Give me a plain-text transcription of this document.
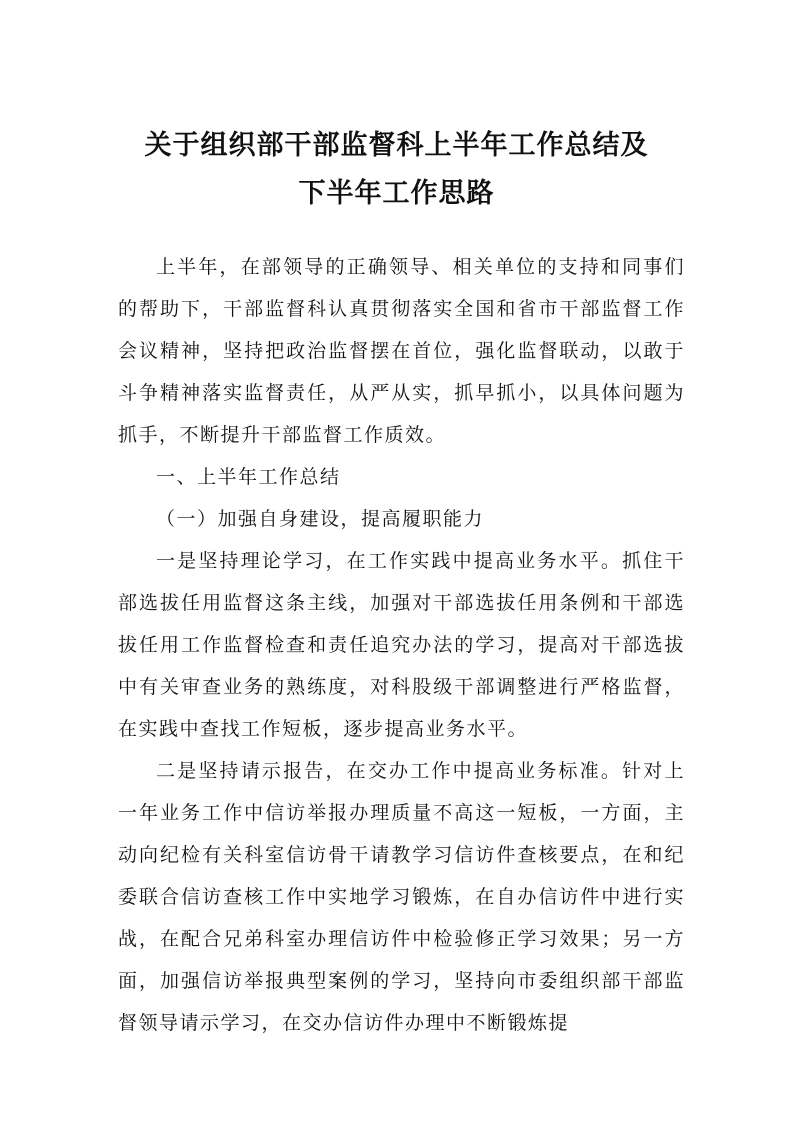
关于组织部干部监督科上半年工作总结及
下半年工作思路

上半年，在部领导的正确领导、相关单位的支持和同事们的帮助下，干部监督科认真贯彻落实全国和省市干部监督工作会议精神，坚持把政治监督摆在首位，强化监督联动，以敢于斗争精神落实监督责任，从严从实，抓早抓小，以具体问题为抓手，不断提升干部监督工作质效。

一、上半年工作总结

（一）加强自身建设，提高履职能力

一是坚持理论学习，在工作实践中提高业务水平。抓住干部选拔任用监督这条主线，加强对干部选拔任用条例和干部选拔任用工作监督检查和责任追究办法的学习，提高对干部选拔中有关审查业务的熟练度，对科股级干部调整进行严格监督，在实践中查找工作短板，逐步提高业务水平。

二是坚持请示报告，在交办工作中提高业务标准。针对上一年业务工作中信访举报办理质量不高这一短板，一方面，主动向纪检有关科室信访骨干请教学习信访件查核要点，在和纪委联合信访查核工作中实地学习锻炼，在自办信访件中进行实战，在配合兄弟科室办理信访件中检验修正学习效果；另一方面，加强信访举报典型案例的学习，坚持向市委组织部干部监督领导请示学习，在交办信访件办理中不断锻炼提
